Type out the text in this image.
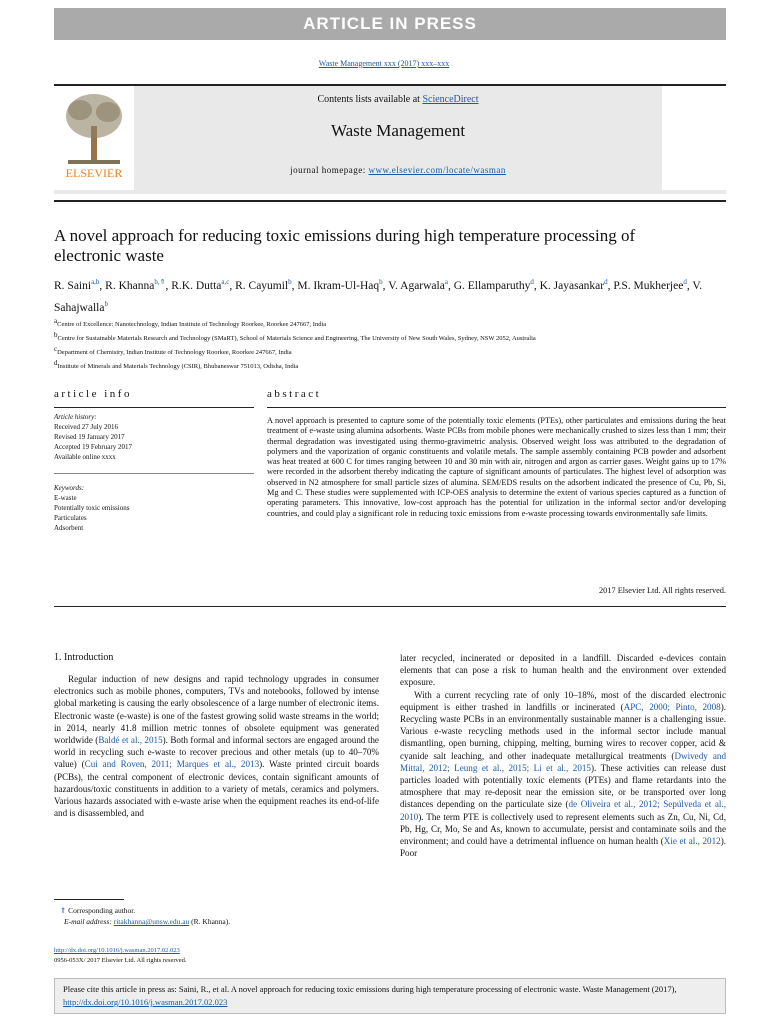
ARTICLE IN PRESS
Waste Management xxx (2017) xxx–xxx
ELSEVIER
Contents lists available at ScienceDirect
Waste Management
journal homepage: www.elsevier.com/locate/wasman
A novel approach for reducing toxic emissions during high temperature processing of electronic waste
R. Saini$^{a,b}$, R. Khanna$^{b,⇑}$, R.K. Dutta$^{a,c}$, R. Cayumil$^b$, M. Ikram-Ul-Haq$^b$, V. Agarwala$^a$, G. Ellamparuthy$^d$, K. Jayasankar$^d$, P.S. Mukherjee$^d$, V. Sahajwalla$^b$
$^a$Centre of Excellence: Nanotechnology, Indian Institute of Technology Roorkee, Roorkee 247667, India
$^b$Centre for Sustainable Materials Research and Technology (SMaRT), School of Materials Science and Engineering, The University of New South Wales, Sydney, NSW 2052, Australia
$^c$Department of Chemistry, Indian Institute of Technology Roorkee, Roorkee 247667, India
$^d$Institute of Minerals and Materials Technology (CSIR), Bhubaneswar 751013, Odisha, India
article info	abstract
Article history:
Received 27 July 2016
Revised 19 January 2017
Accepted 19 February 2017
Available online xxxx
Keywords:
E-waste
Potentially toxic emissions
Particulates
Adsorbent
A novel approach is presented to capture some of the potentially toxic elements (PTEs), other particulates and emissions during the heat treatment of e-waste using alumina adsorbents. Waste PCBs from mobile phones were mechanically crushed to sizes less than 1 mm; their thermal degradation was investigated using thermo-gravimetric analysis. Observed weight loss was attributed to the degradation of polymers and the vaporization of organic constituents and volatile metals. The sample assembly containing PCB powder and adsorbent was heat treated at 600 C for times ranging between 10 and 30 min with air, nitrogen and argon as carrier gases. Weight gains up to 17% were recorded in the adsorbent thereby indicating the capture of significant amounts of particulates. The highest level of adsorption was observed in N2 atmosphere for small particle sizes of alumina. SEM/EDS results on the adsorbent indicated the presence of Cu, Pb, Si, Mg and C. These studies were supplemented with ICP-OES analysis to determine the extent of various species captured as a function of operating parameters. This innovative, low-cost approach has the potential for utilization in the informal sector and/or developing countries, and could play a significant role in reducing toxic emissions from e-waste processing towards environmentally safe limits.
2017 Elsevier Ltd. All rights reserved.
1. Introduction

Regular induction of new designs and rapid technology upgrades in consumer electronics such as mobile phones, computers, TVs and notebooks, followed by intense global marketing is causing the early obsolescence of a large number of electronic items. Electronic waste (e-waste) is one of the fastest growing solid waste streams in the world; in 2014, nearly 41.8 million metric tonnes of obsolete equipment was generated worldwide (Baldé et al., 2015). Both formal and informal sectors are engaged around the world in recycling such e-waste to recover precious and other metals (up to 40–70% value) (Cui and Roven, 2011; Marques et al., 2013). Waste printed circuit boards (PCBs), the central component of electronic devices, contain significant amounts of hazardous/toxic constituents in addition to a variety of metals, ceramics and polymers. Various hazards associated with e-waste arise when the equipment reaches its end-of-life and is disassembled, and

later recycled, incinerated or deposited in a landfill. Discarded e-devices contain elements that can pose a risk to human health and the environment over extended exposure.

With a current recycling rate of only 10–18%, most of the discarded electronic equipment is either trashed in landfills or incinerated (APC, 2000; Pinto, 2008). Recycling waste PCBs in an environmentally sustainable manner is a challenging issue. Various e-waste recycling methods used in the informal sector include manual dismantling, open burning, chipping, melting, burning wires to recover copper, acid & cyanide salt leaching, and other inadequate metallurgical treatments (Dwivedy and Mittal, 2012; Leung et al., 2015; Li et al., 2015). These activities can release dust particles loaded with potentially toxic elements (PTEs) and flame retardants into the atmosphere that may re-deposit near the emission site, or be transported over long distances depending on the particulate size (de Oliveira et al., 2012; Sepúlveda et al., 2010). The term PTE is collectively used to represent elements such as Zn, Cu, Ni, Cd, Pb, Hg, Cr, Mo, Se and As, known to accumulate, persist and contaminate soils and the environment; and could have a detrimental influence on human health (Xie et al., 2012). Poor

⇑ Corresponding author.
E-mail address: ritakhanna@unsw.edu.au (R. Khanna).
http://dx.doi.org/10.1016/j.wasman.2017.02.023
0956-053X/ 2017 Elsevier Ltd. All rights reserved.
Please cite this article in press as: Saini, R., et al. A novel approach for reducing toxic emissions during high temperature processing of electronic waste. Waste Management (2017), http://dx.doi.org/10.1016/j.wasman.2017.02.023
